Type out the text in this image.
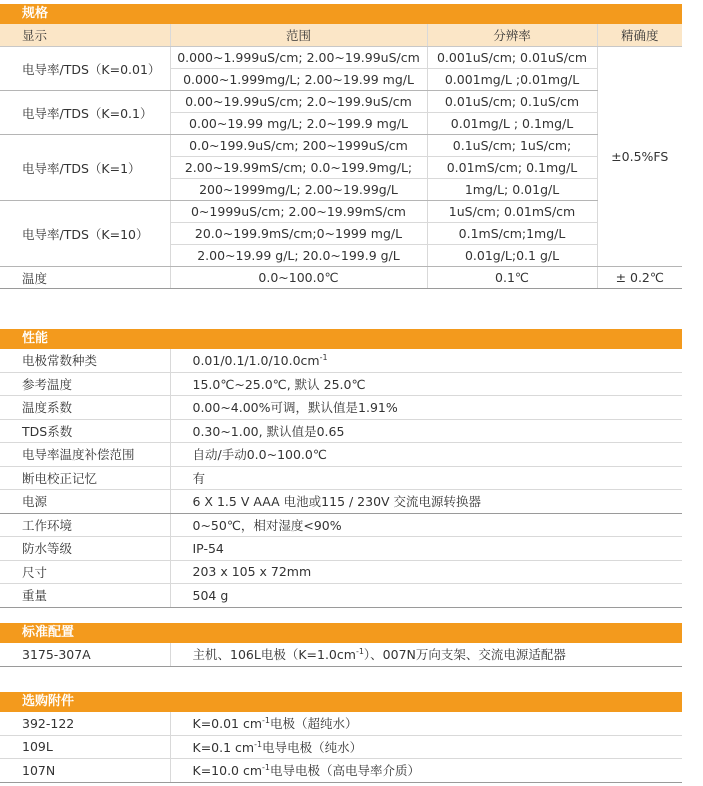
规格
显示	范围	分辨率	精确度
电导率/TDS（K=0.01）	0.000~1.999uS/cm; 2.00~19.99uS/cm	0.001uS/cm; 0.01uS/cm	±0.5%FS
	0.000~1.999mg/L; 2.00~19.99 mg/L	0.001mg/L ;0.01mg/L	
电导率/TDS（K=0.1）	0.00~19.99uS/cm; 2.0~199.9uS/cm	0.01uS/cm; 0.1uS/cm	
	0.00~19.99 mg/L; 2.0~199.9 mg/L	0.01mg/L ; 0.1mg/L	
电导率/TDS（K=1）	0.0~199.9uS/cm; 200~1999uS/cm	0.1uS/cm; 1uS/cm;	
	2.00~19.99mS/cm; 0.0~199.9mg/L;	0.01mS/cm; 0.1mg/L	
	200~1999mg/L; 2.00~19.99g/L	1mg/L; 0.01g/L	
电导率/TDS（K=10）	0~1999uS/cm; 2.00~19.99mS/cm	1uS/cm; 0.01mS/cm	
	20.0~199.9mS/cm;0~1999 mg/L	0.1mS/cm;1mg/L	
	2.00~19.99 g/L; 20.0~199.9 g/L	0.01g/L;0.1 g/L	
温度	0.0~100.0℃	0.1℃	± 0.2℃
性能
电极常数种类	$0.01/0.1/1.0/10.0cm^{-1}$
参考温度	15.0℃~25.0℃, 默认 25.0℃
温度系数	0.00~4.00%可调，默认值是1.91%
TDS系数	0.30~1.00, 默认值是0.65
电导率温度补偿范围	自动/手动0.0~100.0℃
断电校正记忆	有
电源	6 X 1.5 V AAA 电池或115 / 230V 交流电源转换器
工作环境	0~50℃，相对湿度<90%
防水等级	IP-54
尺寸	203 x 105 x 72mm
重量	504 g
标准配置
3175-307A	主机、106L电极$(K=1.0cm^{-1})$、007N万向支架、交流电源适配器
选购附件
392-122	K=0.01 $cm^{-1}$电极（超纯水）
109L	K=0.1 $cm^{-1}$电导电极（纯水）
107N	K=10.0 $cm^{-1}$电导电极（高电导率介质）
